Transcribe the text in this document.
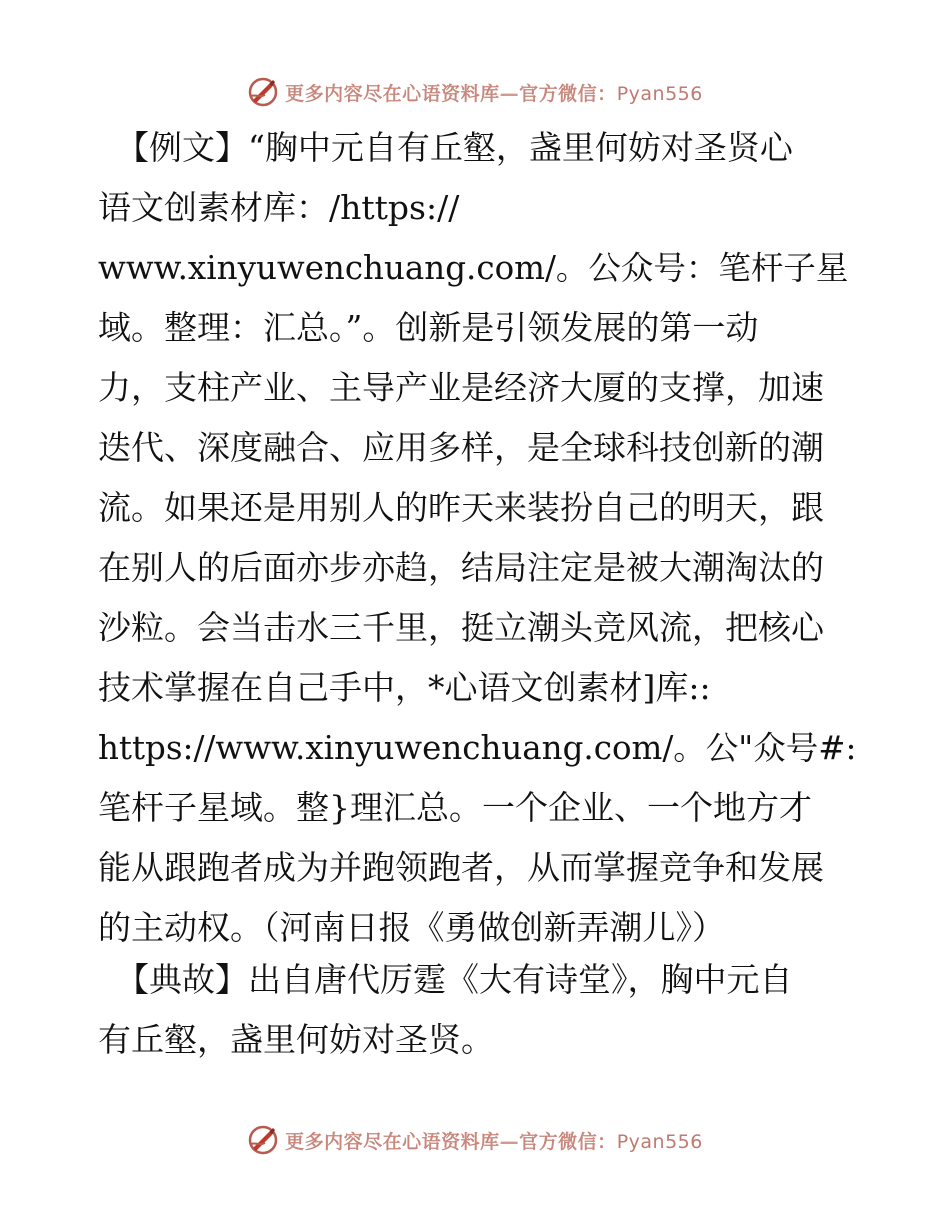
更多内容尽在心语资料库—官方微信：Pyan556
【例文】“胸中元自有丘壑，盏里何妨对圣贤心
语文创素材库：/https://
www.xinyuwenchuang.com/。公众号：笔杆子星
域。整理：汇总。”。创新是引领发展的第一动
力，支柱产业、主导产业是经济大厦的支撑，加速
迭代、深度融合、应用多样，是全球科技创新的潮
流。如果还是用别人的昨天来装扮自己的明天，跟
在别人的后面亦步亦趋，结局注定是被大潮淘汰的
沙粒。会当击水三千里，挺立潮头竞风流，把核心
技术掌握在自己手中，*心语文创素材]库::
https://www.xinyuwenchuang.com/。公"众号#:
笔杆子星域。整}理汇总。一个企业、一个地方才
能从跟跑者成为并跑领跑者，从而掌握竞争和发展
的主动权。（河南日报《勇做创新弄潮儿》）
【典故】出自唐代厉霆《大有诗堂》，胸中元自
有丘壑，盏里何妨对圣贤。
更多内容尽在心语资料库—官方微信：Pyan556
